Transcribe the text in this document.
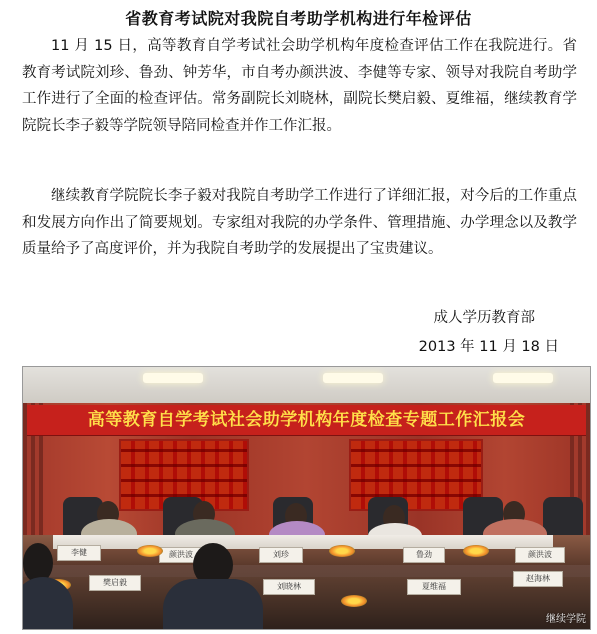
省教育考试院对我院自考助学机构进行年检评估

11 月 15 日，高等教育自学考试社会助学机构年度检查评估工作在我院进行。省教育考试院刘珍、鲁劲、钟芳华，市自考办颜洪波、李健等专家、领导对我院自考助学工作进行了全面的检查评估。常务副院长刘晓林，副院长樊启毅、夏维福，继续教育学院院长李子毅等学院领导陪同检查并作工作汇报。

继续教育学院院长李子毅对我院自考助学工作进行了详细汇报，对今后的工作重点和发展方向作出了简要规划。专家组对我院的办学条件、管理措施、办学理念以及教学质量给予了高度评价，并为我院自考助学的发展提出了宝贵建议。

成人学历教育部
2013 年 11 月 18 日
高等教育自学考试社会助学机构年度检查专题工作汇报会
李健	颜洪波	刘珍	鲁劲	颜洪波
樊启毅	刘晓林	夏维福
赵海林
继续学院
